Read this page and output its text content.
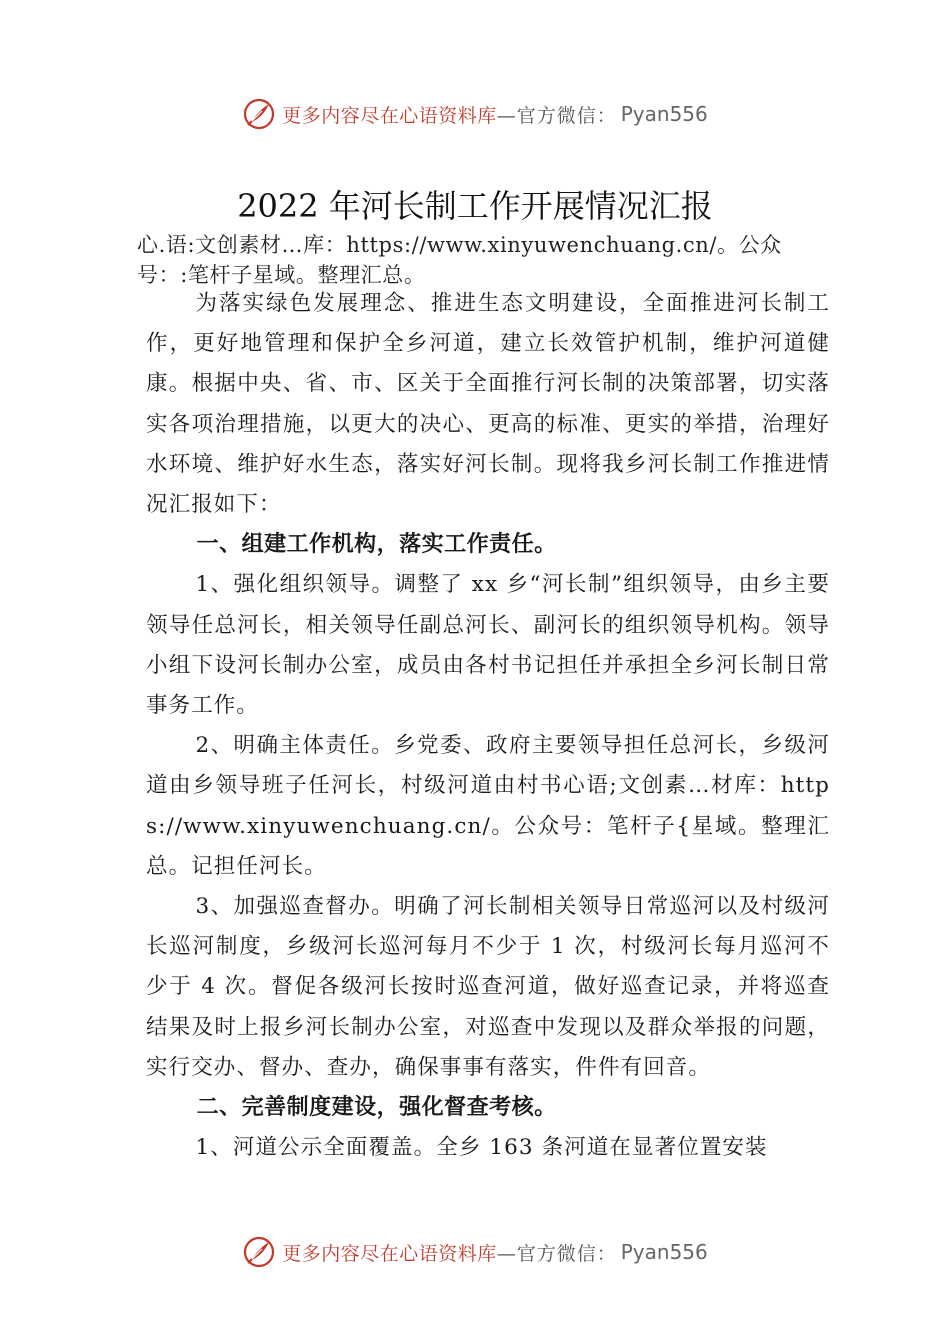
更多内容尽在心语资料库 —官方微信： Pyan556
2022 年河长制工作开展情况汇报
心.语:文创素材…库：https://www.xinyuwenchuang.cn/。公众号：:笔杆子星域。整理汇总。

为落实绿色发展理念、推进生态文明建设，全面推进河长制工作，更好地管理和保护全乡河道，建立长效管护机制，维护河道健康。根据中央、省、市、区关于全面推行河长制的决策部署，切实落实各项治理措施，以更大的决心、更高的标准、更实的举措，治理好水环境、维护好水生态，落实好河长制。现将我乡河长制工作推进情况汇报如下：

一、组建工作机构，落实工作责任。

1、强化组织领导。调整了 xx 乡“河长制”组织领导，由乡主要领导任总河长，相关领导任副总河长、副河长的组织领导机构。领导小组下设河长制办公室，成员由各村书记担任并承担全乡河长制日常事务工作。

2、明确主体责任。乡党委、政府主要领导担任总河长，乡级河道由乡领导班子任河长，村级河道由村书心语;文创素…材库：https://www.xinyuwenchuang.cn/。公众号：笔杆子{星域。整理汇总。记担任河长。

3、加强巡查督办。明确了河长制相关领导日常巡河以及村级河长巡河制度，乡级河长巡河每月不少于 1 次，村级河长每月巡河不少于 4 次。督促各级河长按时巡查河道，做好巡查记录，并将巡查结果及时上报乡河长制办公室，对巡查中发现以及群众举报的问题，实行交办、督办、查办，确保事事有落实，件件有回音。

二、完善制度建设，强化督查考核。

1、河道公示全面覆盖。全乡 163 条河道在显著位置安装

更多内容尽在心语资料库 —官方微信： Pyan556
